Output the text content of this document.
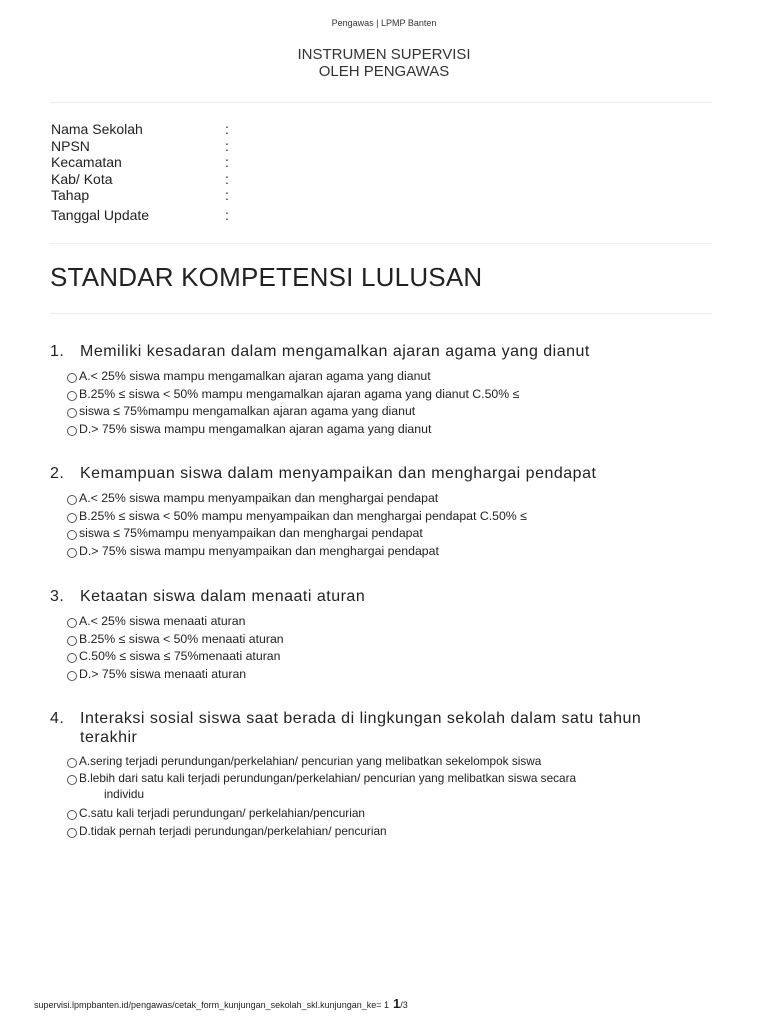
Pengawas | LPMP Banten
INSTRUMEN SUPERVISI
OLEH PENGAWAS
Nama Sekolah	:
NPSN	:
Kecamatan	:
Kab/ Kota	:
Tahap	:
Tanggal Update	:
STANDAR KOMPETENSI LULUSAN
1. Memiliki kesadaran dalam mengamalkan ajaran agama yang dianut
A.< 25% siswa mampu mengamalkan ajaran agama yang dianut
B.25% ≤ siswa < 50% mampu mengamalkan ajaran agama yang dianut C.50% ≤
siswa ≤ 75%mampu mengamalkan ajaran agama yang dianut
D.> 75% siswa mampu mengamalkan ajaran agama yang dianut
2. Kemampuan siswa dalam menyampaikan dan menghargai pendapat
A.< 25% siswa mampu menyampaikan dan menghargai pendapat
B.25% ≤ siswa < 50% mampu menyampaikan dan menghargai pendapat C.50% ≤
siswa ≤ 75%mampu menyampaikan dan menghargai pendapat
D.> 75% siswa mampu menyampaikan dan menghargai pendapat
3. Ketaatan siswa dalam menaati aturan
A.< 25% siswa menaati aturan
B.25% ≤ siswa < 50% menaati aturan
C.50% ≤ siswa ≤ 75%menaati aturan
D.> 75% siswa menaati aturan
4. Interaksi sosial siswa saat berada di lingkungan sekolah dalam satu tahun terakhir
A.sering terjadi perundungan/perkelahian/ pencurian yang melibatkan sekelompok siswa
B.lebih dari satu kali terjadi perundungan/perkelahian/ pencurian yang melibatkan siswa secara
individu
C.satu kali terjadi perundungan/ perkelahian/pencurian
D.tidak pernah terjadi perundungan/perkelahian/ pencurian
supervisi.lpmpbanten.id/pengawas/cetak_form_kunjungan_sekolah_skl.kunjungan_ke= 1 1/3
